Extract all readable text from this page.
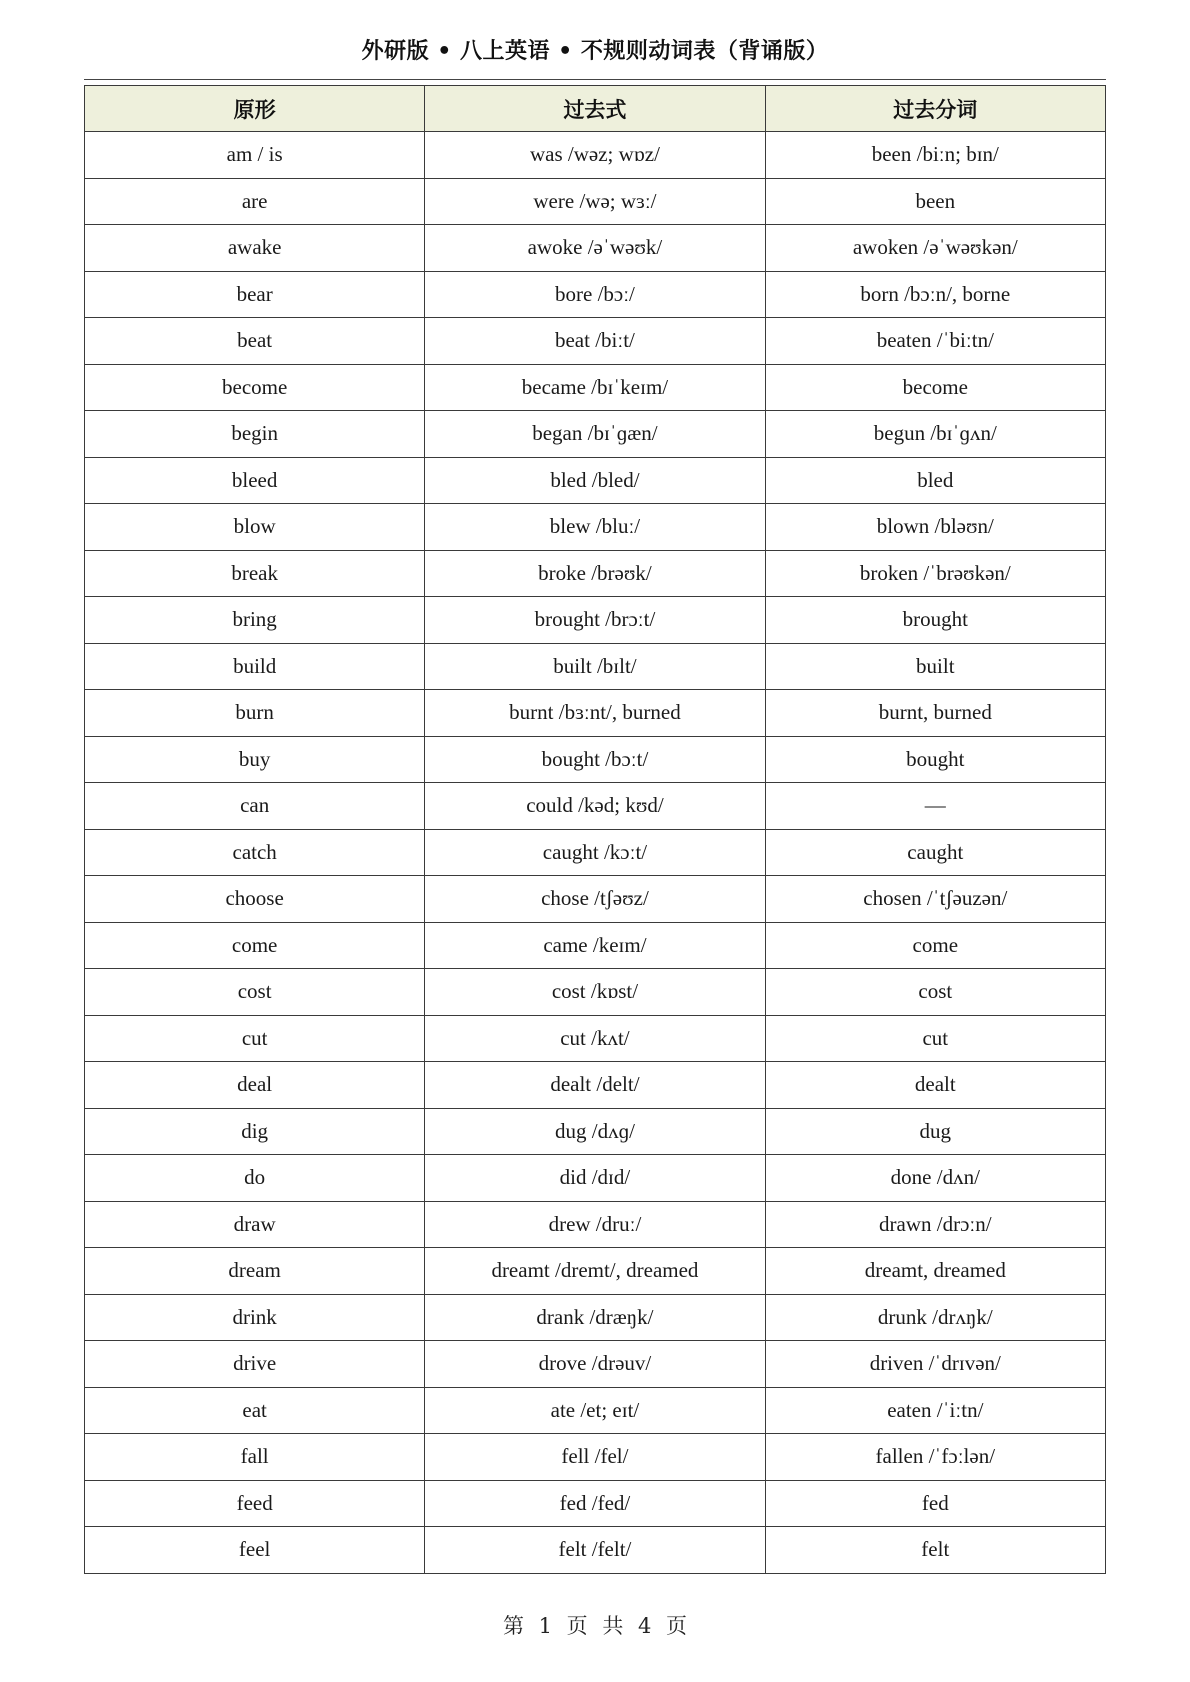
外研版 • 八上英语 • 不规则动词表（背诵版）
原形	过去式	过去分词
am / is	was /wəz; wɒz/	been /biːn; bɪn/
are	were /wə; wɜː/	been
awake	awoke /əˈwəʊk/	awoken /əˈwəʊkən/
bear	bore /bɔː/	born /bɔːn/, borne
beat	beat /biːt/	beaten /ˈbiːtn/
become	became /bɪˈkeɪm/	become
begin	began /bɪˈɡæn/	begun /bɪˈɡʌn/
bleed	bled /bled/	bled
blow	blew /bluː/	blown /bləʊn/
break	broke /brəʊk/	broken /ˈbrəʊkən/
bring	brought /brɔːt/	brought
build	built /bɪlt/	built
burn	burnt /bɜːnt/, burned	burnt, burned
buy	bought /bɔːt/	bought
can	could /kəd; kʊd/	—
catch	caught /kɔːt/	caught
choose	chose /tʃəʊz/	chosen /ˈtʃəuzən/
come	came /keɪm/	come
cost	cost /kɒst/	cost
cut	cut /kʌt/	cut
deal	dealt /delt/	dealt
dig	dug /dʌɡ/	dug
do	did /dɪd/	done /dʌn/
draw	drew /druː/	drawn /drɔːn/
dream	dreamt /dremt/, dreamed	dreamt, dreamed
drink	drank /dræŋk/	drunk /drʌŋk/
drive	drove /drəuv/	driven /ˈdrɪvən/
eat	ate /et; eɪt/	eaten /ˈiːtn/
fall	fell /fel/	fallen /ˈfɔːlən/
feed	fed /fed/	fed
feel	felt /felt/	felt
第 1 页 共 4 页
